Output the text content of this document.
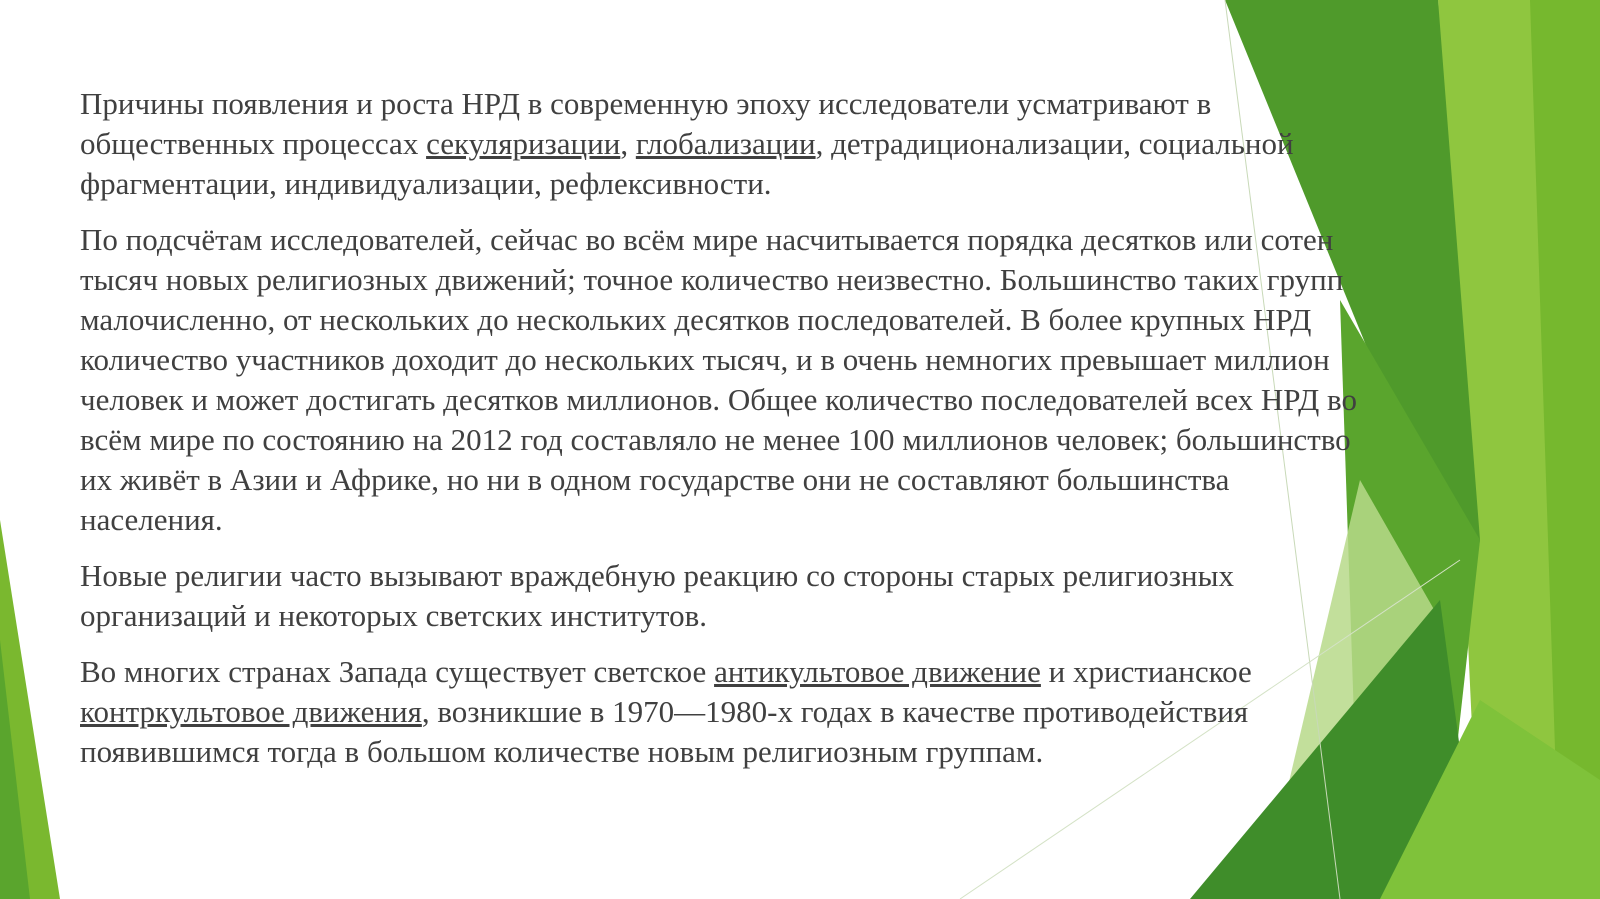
Причины появления и роста НРД в современную эпоху исследователи усматривают в общественных процессах секуляризации, глобализации, детрадиционализации, социальной фрагментации, индивидуализации, рефлексивности.

По подсчётам исследователей, сейчас во всём мире насчитывается порядка десятков или сотен тысяч новых религиозных движений; точное количество неизвестно. Большинство таких групп малочисленно, от нескольких до нескольких десятков последователей. В более крупных НРД количество участников доходит до нескольких тысяч, и в очень немногих превышает миллион человек и может достигать десятков миллионов. Общее количество последователей всех НРД во всём мире по состоянию на 2012 год составляло не менее 100 миллионов человек; большинство их живёт в Азии и Африке, но ни в одном государстве они не составляют большинства населения.

Новые религии часто вызывают враждебную реакцию со стороны старых религиозных организаций и некоторых светских институтов.

Во многих странах Запада существует светское антикультовое движение и христианское контркультовое движения, возникшие в 1970—1980-х годах в качестве противодействия появившимся тогда в большом количестве новым религиозным группам.
